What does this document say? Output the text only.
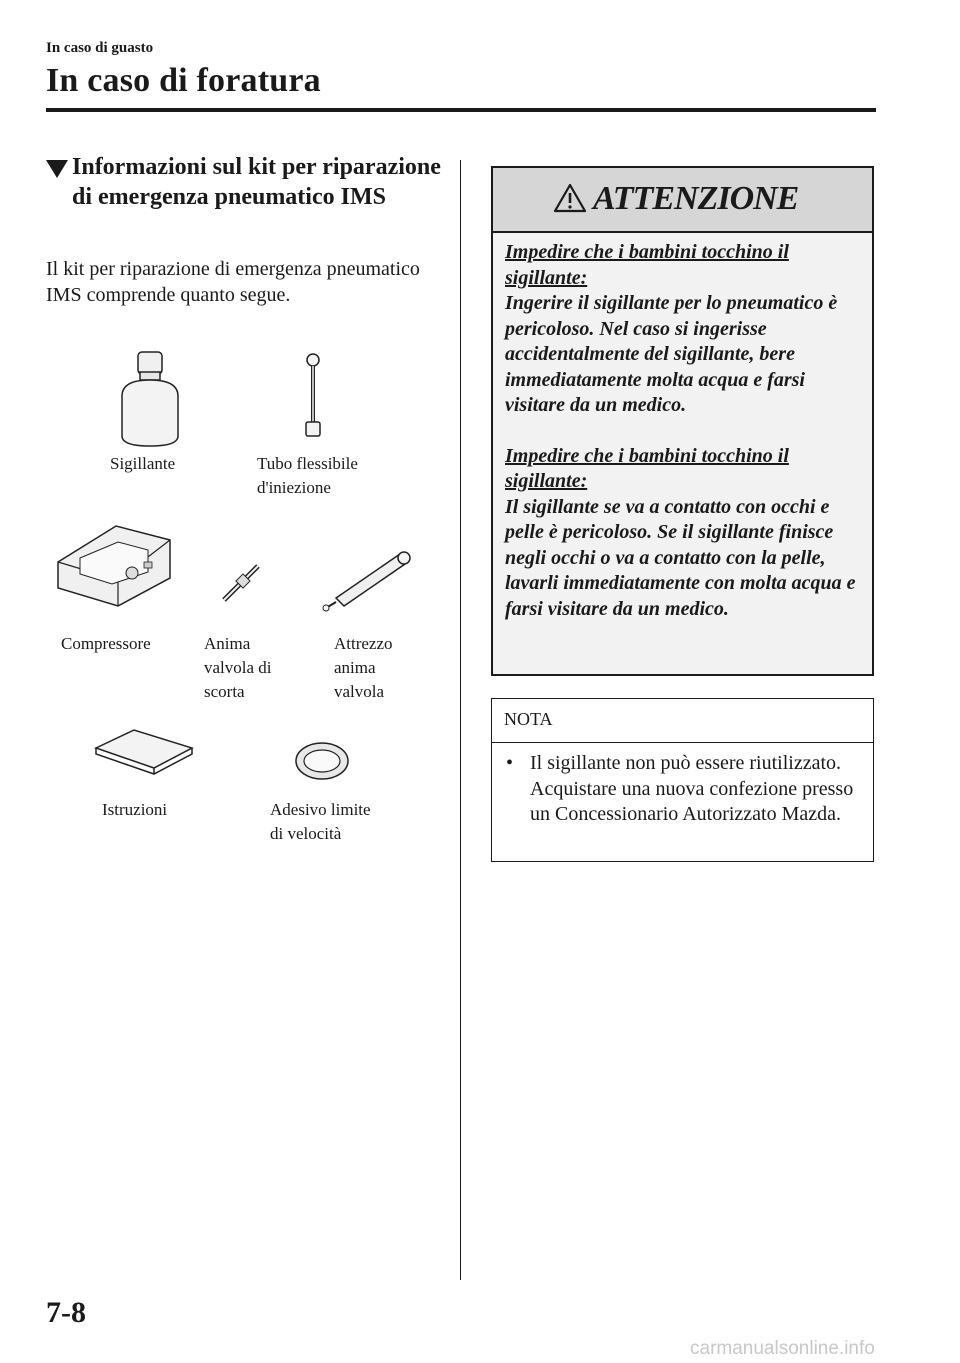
In caso di guasto
In caso di foratura
Informazioni sul kit per riparazione di emergenza pneumatico IMS
Il kit per riparazione di emergenza pneumatico IMS comprende quanto segue.
Sigillante	Tubo flessibile
d'iniezione
Compressore	Anima
valvola di
scorta
Attrezzo
anima
valvola
Istruzioni	Adesivo limite
di velocità
ATTENZIONE

Impedire che i bambini tocchino il sigillante:

Ingerire il sigillante per lo pneumatico è pericoloso. Nel caso si ingerisse accidentalmente del sigillante, bere immediatamente molta acqua e farsi visitare da un medico.

Impedire che i bambini tocchino il sigillante:

Il sigillante se va a contatto con occhi e pelle è pericoloso. Se il sigillante finisce negli occhi o va a contatto con la pelle, lavarli immediatamente con molta acqua e farsi visitare da un medico.

NOTA
• Il sigillante non può essere riutilizzato. Acquistare una nuova confezione presso un Concessionario Autorizzato Mazda.
7-8
carmanualsonline.info
